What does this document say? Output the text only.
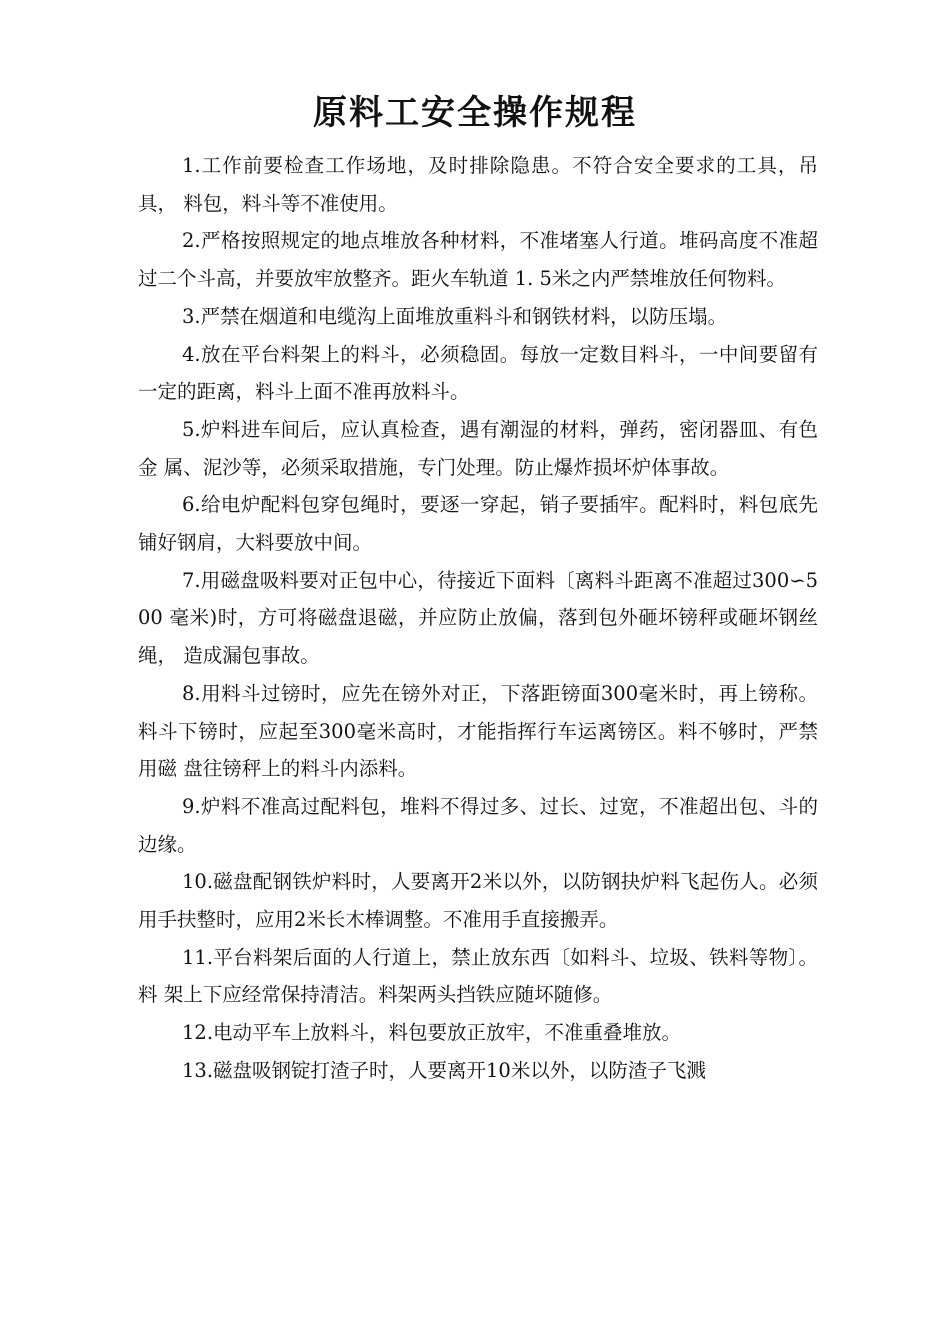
原料工安全操作规程

1.工作前要检查工作场地，及时排除隐患。不符合安全要求的工具，吊具， 料包，料斗等不准使用。

2.严格按照规定的地点堆放各种材料，不准堵塞人行道。堆码高度不准超过二个斗高，并要放牢放整齐。距火车轨道 1. 5米之内严禁堆放任何物料。

3.严禁在烟道和电缆沟上面堆放重料斗和钢铁材料，以防压塌。

4.放在平台料架上的料斗，必须稳固。每放一定数目料斗，一中间要留有一定的距离，料斗上面不准再放料斗。

5.炉料进车间后，应认真检查，遇有潮湿的材料，弹药，密闭器皿、有色金 属、泥沙等，必须采取措施，专门处理。防止爆炸损坏炉体事故。

6.给电炉配料包穿包绳时，要逐一穿起，销子要插牢。配料时，料包底先铺好钢肩，大料要放中间。

7.用磁盘吸料要对正包中心，待接近下面料〔离料斗距离不准超过300∽500 毫米)时，方可将磁盘退磁，并应防止放偏，落到包外砸坏镑秤或砸坏钢丝绳， 造成漏包事故。

8.用料斗过镑时，应先在镑外对正，下落距镑面300毫米时，再上镑称。料斗下镑时，应起至300毫米高时，才能指挥行车运离镑区。料不够时，严禁用磁 盘往镑秤上的料斗内添料。

9.炉料不准高过配料包，堆料不得过多、过长、过宽，不准超出包、斗的边缘。

10.磁盘配钢铁炉料时，人要离开2米以外，以防钢抉炉料飞起伤人。必须 用手扶整时，应用2米长木棒调整。不准用手直接搬弄。

11.平台料架后面的人行道上，禁止放东西〔如料斗、垃圾、铁料等物〕。料 架上下应经常保持清洁。料架两头挡铁应随坏随修。

12.电动平车上放料斗，料包要放正放牢，不准重叠堆放。

13.磁盘吸钢锭打渣子时，人要离开10米以外，以防渣子飞溅
